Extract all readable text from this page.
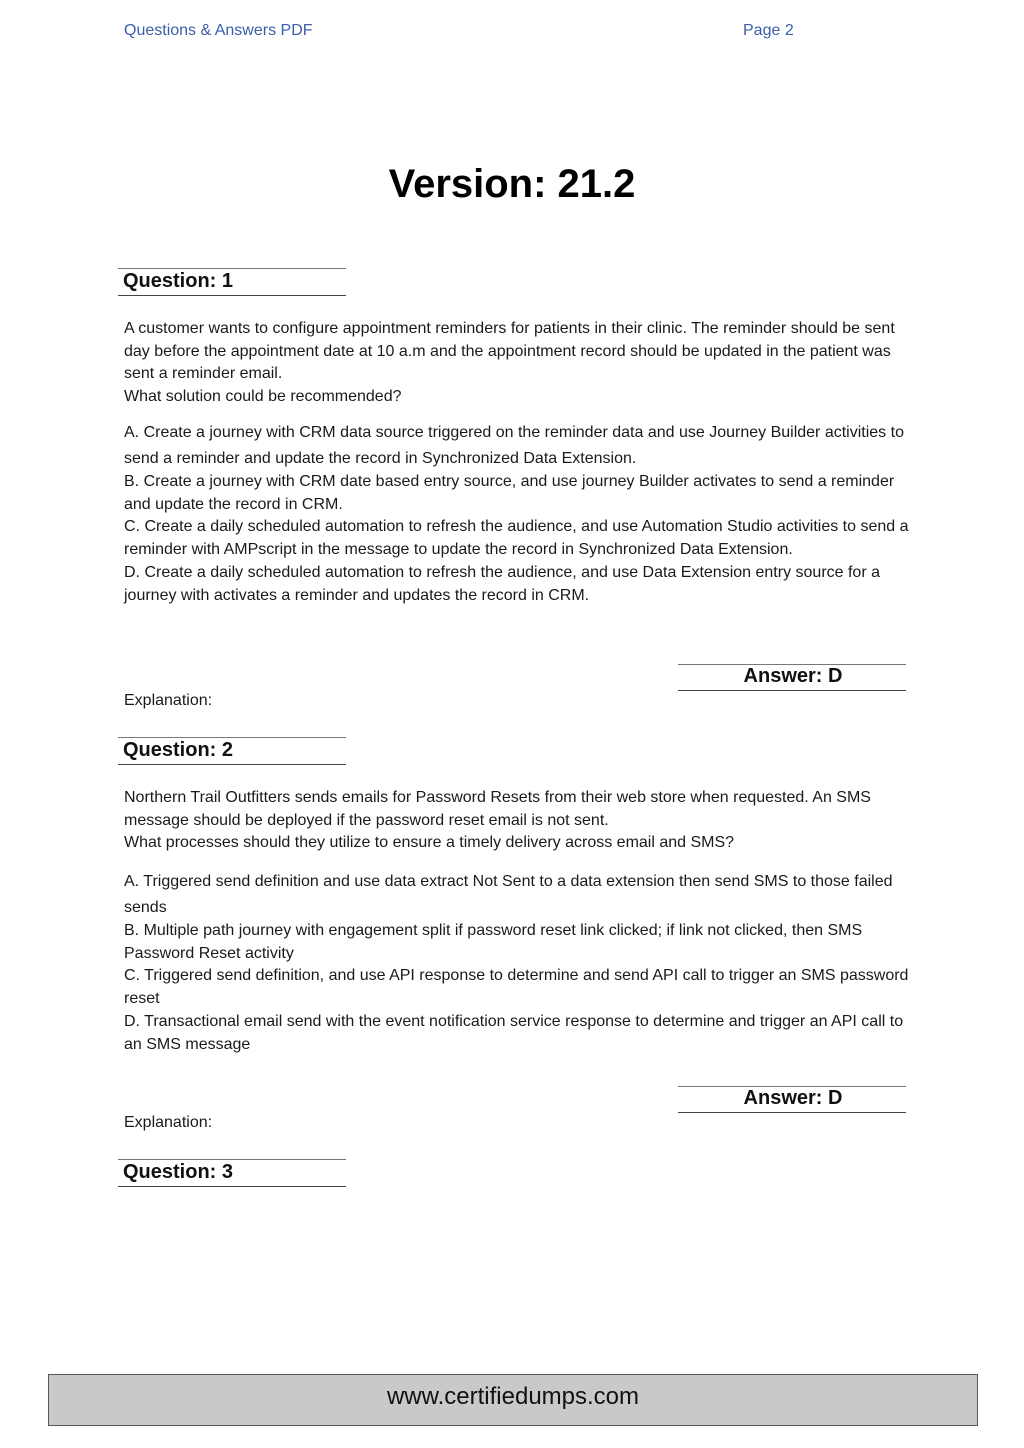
Questions & Answers PDF	Page 2
Version: 21.2
Question: 1

A customer wants to configure appointment reminders for patients in their clinic. The reminder should be sent day before the appointment date at 10 a.m and the appointment record should be updated in the patient was sent a reminder email.

What solution could be recommended?

A. Create a journey with CRM data source triggered on the reminder data and use Journey Builder activities to send a reminder and update the record in Synchronized Data Extension.

B. Create a journey with CRM date based entry source, and use journey Builder activates to send a reminder and update the record in CRM.

C. Create a daily scheduled automation to refresh the audience, and use Automation Studio activities to send a reminder with AMPscript in the message to update the record in Synchronized Data Extension.

D. Create a daily scheduled automation to refresh the audience, and use Data Extension entry source for a journey with activates a reminder and updates the record in CRM.

Answer: D
Explanation:
Question: 2

Northern Trail Outfitters sends emails for Password Resets from their web store when requested. An SMS message should be deployed if the password reset email is not sent.

What processes should they utilize to ensure a timely delivery across email and SMS?

A. Triggered send definition and use data extract Not Sent to a data extension then send SMS to those failed sends

B. Multiple path journey with engagement split if password reset link clicked; if link not clicked, then SMS Password Reset activity

C. Triggered send definition, and use API response to determine and send API call to trigger an SMS password reset

D. Transactional email send with the event notification service response to determine and trigger an API call to an SMS message

Answer: D
Explanation:
Question: 3
www.certifiedumps.com
